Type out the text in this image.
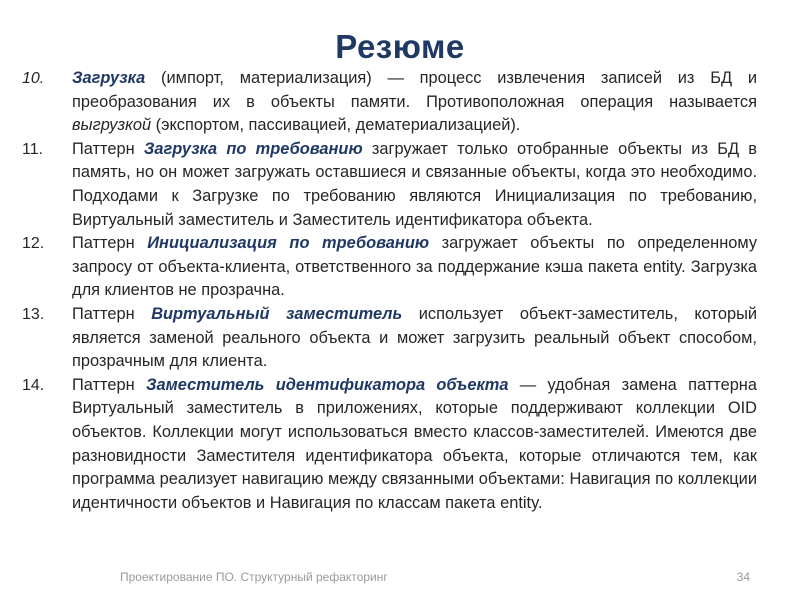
Резюме
10. Загрузка (импорт, материализация) — процесс извлечения записей из БД и преобразования их в объекты памяти. Противоположная операция называется выгрузкой (экспортом, пассивацией, дематериализацией).
11. Паттерн Загрузка по требованию загружает только отобранные объекты из БД в память, но он может загружать оставшиеся и связанные объекты, когда это необходимо. Подходами к Загрузке по требованию являются Инициализация по требованию, Виртуальный заместитель и Заместитель идентификатора объекта.
12. Паттерн Инициализация по требованию загружает объекты по определенному запросу от объекта-клиента, ответственного за поддержание кэша пакета entity. Загрузка для клиентов не прозрачна.
13. Паттерн Виртуальный заместитель использует объект-заместитель, который является заменой реального объекта и может загрузить реальный объект способом, прозрачным для клиента.
14. Паттерн Заместитель идентификатора объекта — удобная замена паттерна Виртуальный заместитель в приложениях, которые поддерживают коллекции OID объектов. Коллекции могут использоваться вместо классов-заместителей. Имеются две разновидности Заместителя идентификатора объекта, которые отличаются тем, как программа реализует навигацию между связанными объектами: Навигация по коллекции идентичности объектов и Навигация по классам пакета entity.
Проектирование ПО. Структурный рефакторинг	34
